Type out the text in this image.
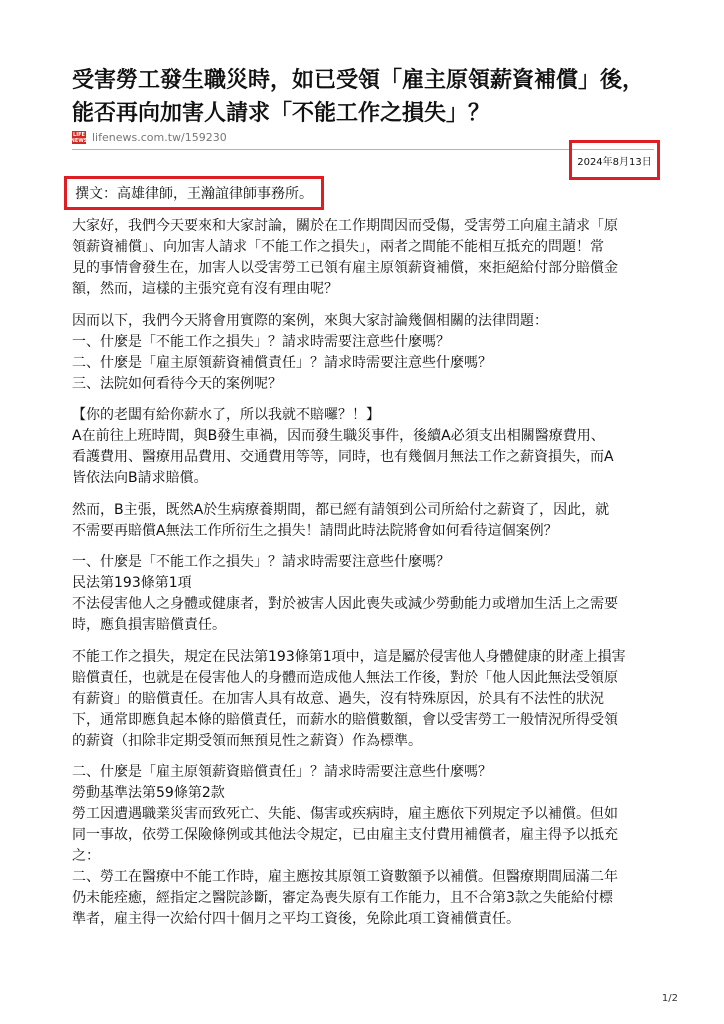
受害勞工發生職災時，如已受領「雇主原領薪資補償」後，
能否再向加害人請求「不能工作之損失」？
LIFE NEWS lifenews.com.tw/159230
2024年8月13日
撰文：高雄律師，王瀚誼律師事務所。
大家好，我們今天要來和大家討論，關於在工作期間因而受傷，受害勞工向雇主請求「原
領薪資補償」、向加害人請求「不能工作之損失」，兩者之間能不能相互抵充的問題！常
見的事情會發生在，加害人以受害勞工已領有雇主原領薪資補償，來拒絕給付部分賠償金
額，然而，這樣的主張究竟有沒有理由呢？
因而以下，我們今天將會用實際的案例，來與大家討論幾個相關的法律問題：
一、什麼是「不能工作之損失」？請求時需要注意些什麼嗎？
二、什麼是「雇主原領薪資補償責任」？請求時需要注意些什麼嗎？
三、法院如何看待今天的案例呢？
【你的老闆有給你薪水了，所以我就不賠囉？！】
A在前往上班時間，與B發生車禍，因而發生職災事件，後續A必須支出相關醫療費用、
看護費用、醫療用品費用、交通費用等等，同時，也有幾個月無法工作之薪資損失，而A
皆依法向B請求賠償。
然而，B主張，既然A於生病療養期間，都已經有請領到公司所給付之薪資了，因此，就
不需要再賠償A無法工作所衍生之損失！請問此時法院將會如何看待這個案例？
一、什麼是「不能工作之損失」？請求時需要注意些什麼嗎？
民法第193條第1項
不法侵害他人之身體或健康者，對於被害人因此喪失或減少勞動能力或增加生活上之需要
時，應負損害賠償責任。
不能工作之損失，規定在民法第193條第1項中，這是屬於侵害他人身體健康的財產上損害
賠償責任，也就是在侵害他人的身體而造成他人無法工作後，對於「他人因此無法受領原
有薪資」的賠償責任。在加害人具有故意、過失，沒有特殊原因，於具有不法性的狀況
下，通常即應負起本條的賠償責任，而薪水的賠償數額，會以受害勞工一般情況所得受領
的薪資（扣除非定期受領而無預見性之薪資）作為標準。
二、什麼是「雇主原領薪資賠償責任」？請求時需要注意些什麼嗎？
勞動基準法第59條第2款
勞工因遭遇職業災害而致死亡、失能、傷害或疾病時，雇主應依下列規定予以補償。但如
同一事故，依勞工保險條例或其他法令規定，已由雇主支付費用補償者，雇主得予以抵充
之：
二、勞工在醫療中不能工作時，雇主應按其原領工資數額予以補償。但醫療期間屆滿二年
仍未能痊癒，經指定之醫院診斷，審定為喪失原有工作能力，且不合第3款之失能給付標
準者，雇主得一次給付四十個月之平均工資後，免除此項工資補償責任。
1/2
